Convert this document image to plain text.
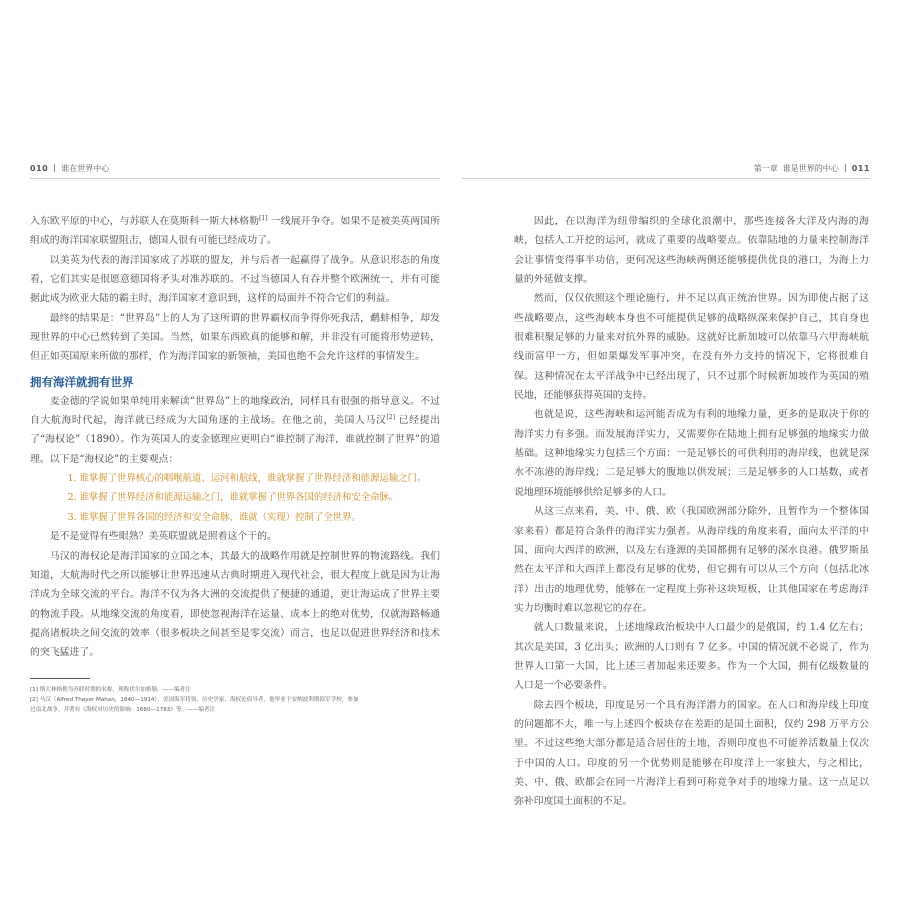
010 谁在世界中心	第一章 谁是世界的中心 011

入东欧平原的中心，与苏联人在莫斯科一斯大林格勒[1] 一线展开争夺。如果不是被美英两国所组成的海洋国家联盟阻击，德国人很有可能已经成功了。

以美英为代表的海洋国家成了苏联的盟友，并与后者一起赢得了战争。从意识形态的角度看，它们其实是很愿意德国将矛头对准苏联的。不过当德国人有吞并整个欧洲统一，并有可能据此成为欧亚大陆的霸主时，海洋国家才意识到，这样的局面并不符合它们的利益。

最终的结果是：“世界岛”上的人为了这所谓的世界霸权而争得你死我活，鹬蚌相争，却发现世界的中心已然转到了美国。当然，如果东西欧真的能够和解，并非没有可能将形势逆转，但正如英国原来所做的那样，作为海洋国家的新领袖，美国也绝不会允许这样的事情发生。

拥有海洋就拥有世界

麦金德的学说如果单纯用来解读“世界岛”上的地缘政治，同样具有很强的指导意义。不过自大航海时代起，海洋就已经成为大国角逐的主战场。在他之前，美国人马汉[2] 已经提出了“海权论”（1890）。作为英国人的麦金德理应更明白“谁控制了海洋，谁就控制了世界”的道理。以下是“海权论”的主要观点：

1. 谁掌握了世界核心的咽喉航道、运河和航线，谁就掌握了世界经济和能源运输之门。

2. 谁掌握了世界经济和能源运输之门，谁就掌握了世界各国的经济和安全命脉。

3. 谁掌握了世界各国的经济和安全命脉，谁就（实现）控制了全世界。

是不是觉得有些眼熟？美英联盟就是照着这个干的。

马汉的海权论是海洋国家的立国之本，其最大的战略作用就是控制世界的物流路线。我们知道，大航海时代之所以能够让世界迅速从古典时期进入现代社会，很大程度上就是因为让海洋成为全球交流的平台。海洋不仅为各大洲的交流提供了便捷的通道，更让海运成了世界主要的物流手段。从地缘交流的角度看，即使忽视海洋在运量、成本上的绝对优势，仅就海路畅通提高诸板块之间交流的效率（很多板块之间甚至是零交流）而言，也足以促进世界经济和技术的突飞猛进了。

[1] 斯大林格勒为苏联时期的名称，现称伏尔加格勒。——编者注

[2] 马汉（Alfred Thayer Mahan，1840—1914），美国海军将领、历史学家、海权论倡导者，他毕业于安纳波利斯海军学校，参加过南北战争，并著有《海权对历史的影响：1660—1783》等。——编者注

因此，在以海洋为纽带编织的全球化浪潮中，那些连接各大洋及内海的海峡，包括人工开挖的运河，就成了重要的战略要点。依靠陆地的力量来控制海洋会让事情变得事半功倍，更何况这些海峡两侧还能够提供优良的港口，为海上力量的外延做支撑。

然而，仅仅依照这个理论施行，并不足以真正统治世界。因为即使占据了这些战略要点，这些海峡本身也不可能提供足够的战略纵深来保护自己，其自身也很难积聚足够的力量来对抗外界的威胁。这就好比新加坡可以依靠马六甲海峡航线而富甲一方，但如果爆发军事冲突，在没有外力支持的情况下，它将很难自保。这种情况在太平洋战争中已经出现了，只不过那个时候新加坡作为英国的殖民地，还能够获得英国的支持。

也就是说，这些海峡和运河能否成为有利的地缘力量，更多的是取决于你的海洋实力有多强。而发展海洋实力，又需要你在陆地上拥有足够强的地缘实力做基础。这种地缘实力包括三个方面：一是足够长的可供利用的海岸线，也就是深水不冻港的海岸线；二是足够大的腹地以供发展；三是足够多的人口基数，或者说地理环境能够供给足够多的人口。

从这三点来看，美、中、俄、欧（我国欧洲部分除外，且暂作为一个整体国家来看）都是符合条件的海洋实力强者。从海岸线的角度来看，面向太平洋的中国、面向大西洋的欧洲，以及左右逢源的美国都拥有足够的深水良港。俄罗斯虽然在太平洋和大西洋上都没有足够的优势，但它拥有可以从三个方向（包括北冰洋）出击的地理优势，能够在一定程度上弥补这块短板，让其他国家在考虑海洋实力均衡时难以忽视它的存在。

就人口数量来说，上述地缘政治板块中人口最少的是俄国，约 1.4 亿左右；其次是美国，3 亿出头；欧洲的人口则有 7 亿多。中国的情况就不必说了，作为世界人口第一大国，比上述三者加起来还要多。作为一个大国，拥有亿级数量的人口是一个必要条件。

除去四个板块，印度是另一个具有海洋潜力的国家。在人口和海岸线上印度的问题都不大，唯一与上述四个板块存在差距的是国土面积，仅约 298 万平方公里。不过这些绝大部分都是适合居住的土地，否则印度也不可能养活数量上仅次于中国的人口。印度的另一个优势则是能够在印度洋上一家独大，与之相比，美、中、俄、欧都会在同一片海洋上看到可称竞争对手的地缘力量。这一点足以弥补印度国土面积的不足。
